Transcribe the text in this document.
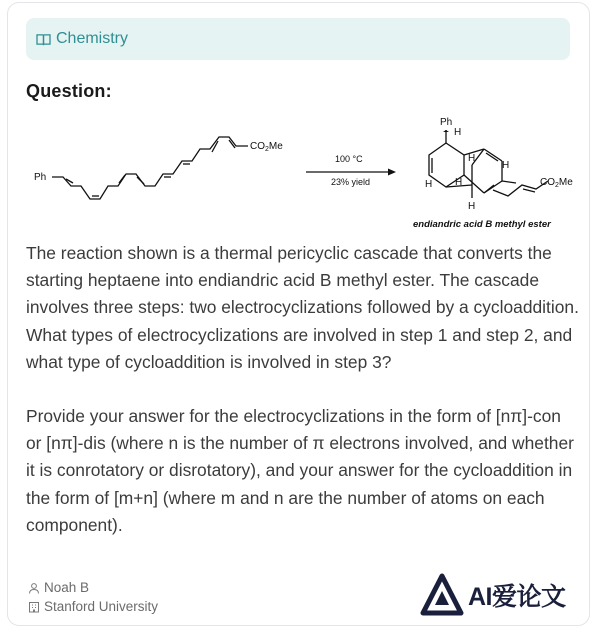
Chemistry
Question:
Ph
$CO_2Me$
100 °C
23% yield
Ph
H
H
H
H H
H
$CO_2Me$
endiandric acid B methyl ester

The reaction shown is a thermal pericyclic cascade that converts the starting heptaene into endiandric acid B methyl ester. The cascade involves three steps: two electrocyclizations followed by a cycloaddition. What types of electrocyclizations are involved in step 1 and step 2, and what type of cycloaddition is involved in step 3?

Provide your answer for the electrocyclizations in the form of [nπ]-con or [nπ]-dis (where n is the number of π electrons involved, and whether it is conrotatory or disrotatory), and your answer for the cycloaddition in the form of [m+n] (where m and n are the number of atoms on each component).

Noah B
Stanford University	AI爱论文
